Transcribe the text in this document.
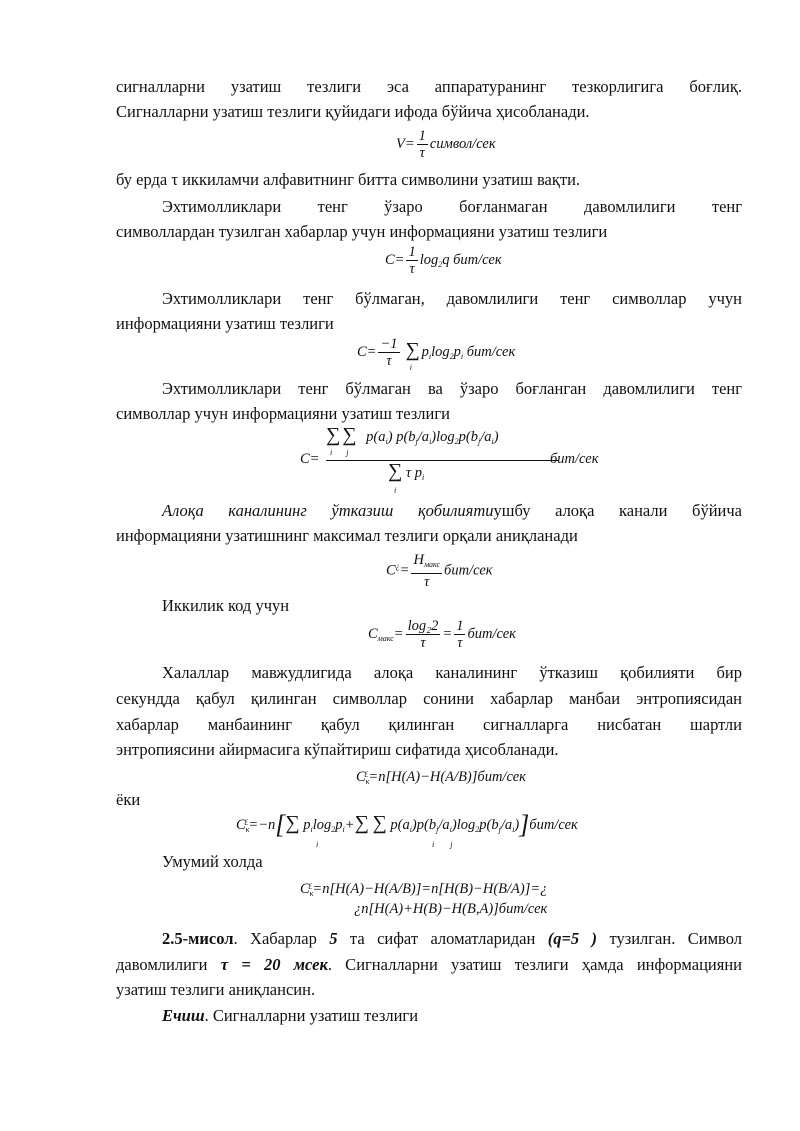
сигналларни узатиш тезлиги эса аппаратуранинг тезкорлигига боғлиқ.
Сигналларни узатиш тезлиги қуйидаги ифода бўйича ҳисобланади.
$V= \frac{1}{\tau}$ символ/сек
бу ерда τ иккиламчи алфавитнинг битта символини узатиш вақти.
Эхтимолликлари тенг ўзаро боғланмаган давомлилиги тенг
символлардан тузилган хабарлар учун информацияни узатиш тезлиги
$C= \frac{1}{\tau} \log_2q$ бит/сек
Эхтимолликлари тенг бўлмаган, давомлилиги тенг символлар учун
информацияни узатиш тезлиги
$C= \frac{-1}{\tau} \sum_i$ $p_i\log_2p_i$ бит/сек
Эхтимолликлари тенг бўлмаган ва ўзаро боғланган давомлилиги тенг
символлар учун информацияни узатиш тезлиги
C=
∑ ∑ $p(a_i)$ $p(b_j/a_i)\log_2p(b_j/a_i)$
i       j
∑ τ $p_i$
i
бит/сек
Алоқа каналининг ўтказиш қобилиятиушбу алоқа канали бўйича
информацияни узатишнинг максимал тезлиги орқали аниқланади
$C^¿= \frac{H_{макс}}{\tau} бит/сек$
Иккилик код учун
$C_{макс}= \frac{\text{log₂2}}{\tau} = \frac{1}{\tau} бит/сек$
Халаллар мавжудлигида алоқа каналининг ўтказиш қобилияти бир
секундда қабул қилинган символлар сонини хабарлар манбаи энтропиясидан
хабарлар манбаининг қабул қилинган сигналларга нисбатан шартли
энтропиясини айирмасига кўпайтириш сифатида ҳисобланади.
$C_к^¿=n[H(A)-H(A/B)]бит$/сек
ёки
$C_к^¿=-n[\sum$ $p_i\log_2p_i+\sum$ ∑ $p(a_i)p(b_j/a_i)\log_2p(b_j/a_i)]бит$/сек
i	i        j
Умумий холда
$C_к^¿=n[H(A)-H(A/B)]=n[H(B)-H(B/A)]=¿$
¿n[H(A)+H(B)−H(B,A)]бит/сек
2.5-мисол. Хабарлар 5 та сифат аломатларидан (q=5 ) тузилган. Символ
давомлилиги τ = 20 мсек. Сигналларни узатиш тезлиги ҳамда информацияни
узатиш тезлиги аниқлансин.
Ечиш. Сигналларни узатиш тезлиги
